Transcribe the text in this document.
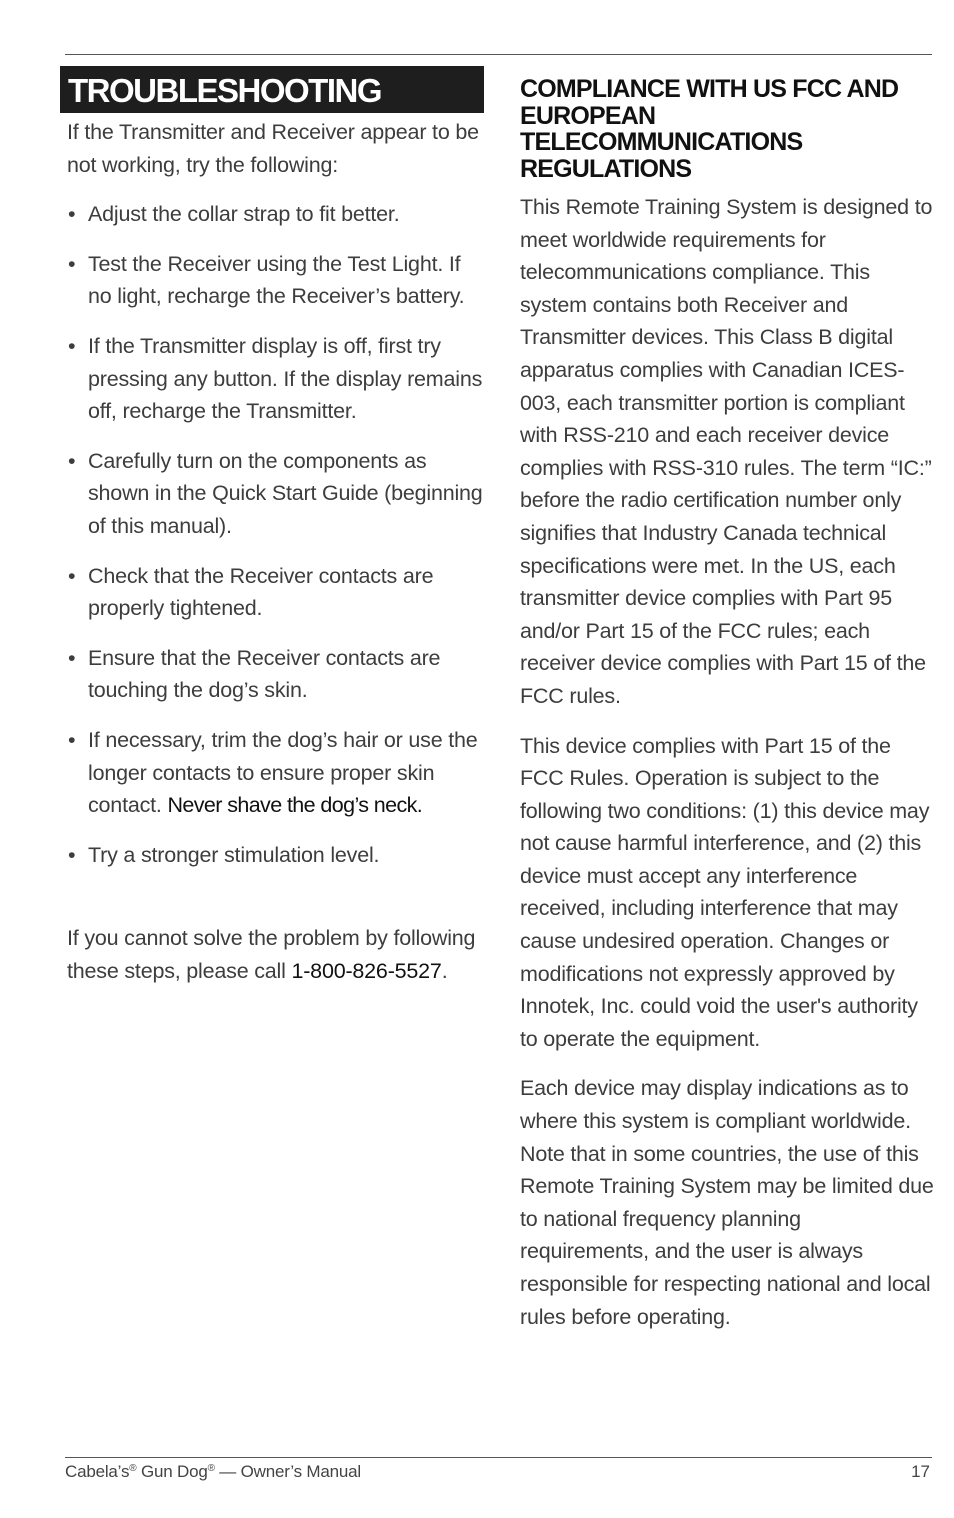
TROUBLESHOOTING
If the Transmitter and Receiver appear to be not working, try the following:
• Adjust the collar strap to fit better.
• Test the Receiver using the Test Light. If no light, recharge the Receiver’s battery.
• If the Transmitter display is off, first try pressing any button. If the display remains off, recharge the Transmitter.
• Carefully turn on the components as shown in the Quick Start Guide (beginning of this manual).
• Check that the Receiver contacts are properly tightened.
• Ensure that the Receiver contacts are touching the dog’s skin.
• If necessary, trim the dog’s hair or use the longer contacts to ensure proper skin contact. Never shave the dog’s neck.
• Try a stronger stimulation level.
If you cannot solve the problem by following these steps, please call 1-800-826-5527.
COMPLIANCE WITH US FCC AND EUROPEAN TELECOMMUNICATIONS REGULATIONS

This Remote Training System is designed to meet worldwide requirements for telecommunications compliance. This system contains both Receiver and Transmitter devices. This Class B digital apparatus complies with Canadian ICES-003, each transmitter portion is compliant with RSS-210 and each receiver device complies with RSS-310 rules. The term “IC:” before the radio certification number only signifies that Industry Canada technical specifications were met. In the US, each transmitter device complies with Part 95 and/or Part 15 of the FCC rules; each receiver device complies with Part 15 of the FCC rules.

This device complies with Part 15 of the FCC Rules. Operation is subject to the following two conditions: (1) this device may not cause harmful interference, and (2) this device must accept any interference received, including interference that may cause undesired operation. Changes or modifications not expressly approved by Innotek, Inc. could void the user's authority to operate the equipment.

Each device may display indications as to where this system is compliant worldwide. Note that in some countries, the use of this Remote Training System may be limited due to national frequency planning requirements, and the user is always responsible for respecting national and local rules before operating.

Cabela’s® Gun Dog® — Owner’s Manual	17
